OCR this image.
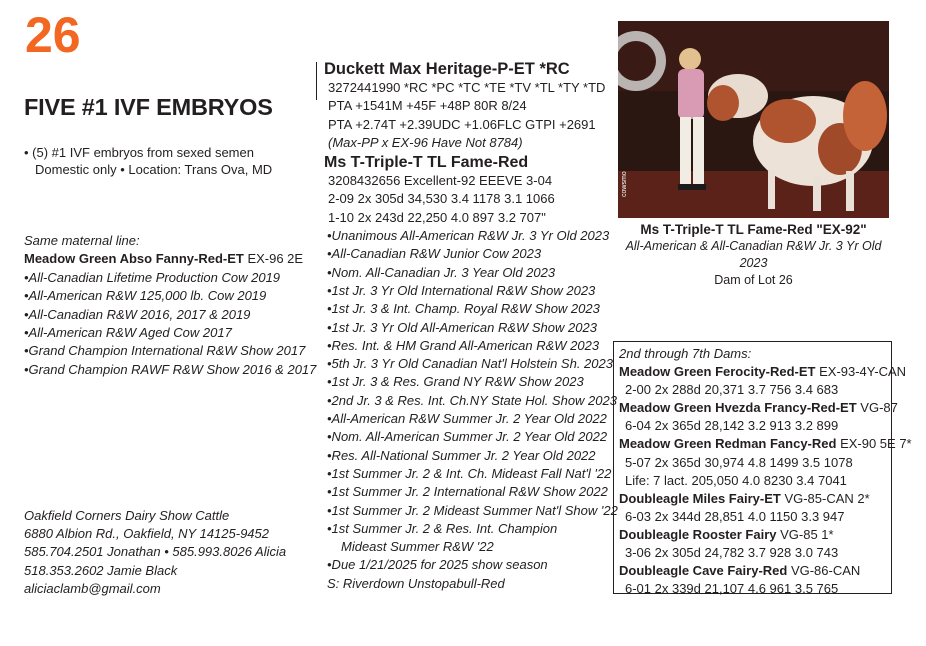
26
FIVE #1 IVF EMBRYOS
• (5) #1 IVF embryos from sexed semen
Domestic only • Location: Trans Ova, MD
Same maternal line:
Meadow Green Abso Fanny-Red-ET EX-96 2E
•All-Canadian Lifetime Production Cow 2019
•All-American R&W 125,000 lb. Cow 2019
•All-Canadian R&W 2016, 2017 & 2019
•All-American R&W Aged Cow 2017
•Grand Champion International R&W Show 2017
•Grand Champion RAWF R&W Show 2016 & 2017
Oakfield Corners Dairy Show Cattle
6880 Albion Rd., Oakfield, NY 14125-9452
585.704.2501 Jonathan • 585.993.8026 Alicia
518.353.2602 Jamie Black
aliciaclamb@gmail.com
Duckett Max Heritage-P-ET *RC
3272441990 *RC *PC *TC *TE *TV *TL *TY *TD
PTA +1541M +45F +48P 80R 8/24
PTA +2.74T +2.39UDC +1.06FLC GTPI +2691
(Max-PP x EX-96 Have Not 8784)
Ms T-Triple-T TL Fame-Red
3208432656 Excellent-92 EEEVE 3-04
2-09 2x 305d 34,530 3.4 1178 3.1 1066
1-10 2x 243d 22,250 4.0 897 3.2 707"
•Unanimous All-American R&W Jr. 3 Yr Old 2023
•All-Canadian R&W Junior Cow 2023
•Nom. All-Canadian Jr. 3 Year Old 2023
•1st Jr. 3 Yr Old International R&W Show 2023
•1st Jr. 3 & Int. Champ. Royal R&W Show 2023
•1st Jr. 3 Yr Old All-American R&W Show 2023
•Res. Int. & HM Grand All-American R&W 2023
•5th Jr. 3 Yr Old Canadian Nat'l Holstein Sh. 2023
•1st Jr. 3 & Res. Grand NY R&W Show 2023
•2nd Jr. 3 & Res. Int. Ch.NY State Hol. Show 2023
•All-American R&W Summer Jr. 2 Year Old 2022
•Nom. All-American Summer Jr. 2 Year Old 2022
•Res. All-National Summer Jr. 2 Year Old 2022
•1st Summer Jr. 2 & Int. Ch. Mideast Fall Nat'l '22
•1st Summer Jr. 2 International R&W Show 2022
•1st Summer Jr. 2 Mideast Summer Nat'l Show '22
•1st Summer Jr. 2 & Res. Int. Champion
Mideast Summer R&W '22
•Due 1/21/2025 for 2025 show season
S: Riverdown Unstopabull-Red
cowsmo
Ms T-Triple-T TL Fame-Red "EX-92"
All-American & All-Canadian R&W Jr. 3 Yr Old 2023
Dam of Lot 26
2nd through 7th Dams:
Meadow Green Ferocity-Red-ET EX-93-4Y-CAN
2-00 2x 288d 20,371 3.7 756 3.4 683
Meadow Green Hvezda Francy-Red-ET VG-87
6-04 2x 365d 28,142 3.2 913 3.2 899
Meadow Green Redman Fancy-Red EX-90 5E 7*
5-07 2x 365d 30,974 4.8 1499 3.5 1078
Life: 7 lact. 205,050 4.0 8230 3.4 7041
Doubleagle Miles Fairy-ET VG-85-CAN 2*
6-03 2x 344d 28,851 4.0 1150 3.3 947
Doubleagle Rooster Fairy VG-85 1*
3-06 2x 305d 24,782 3.7 928 3.0 743
Doubleagle Cave Fairy-Red VG-86-CAN
6-01 2x 339d 21,107 4.6 961 3.5 765
